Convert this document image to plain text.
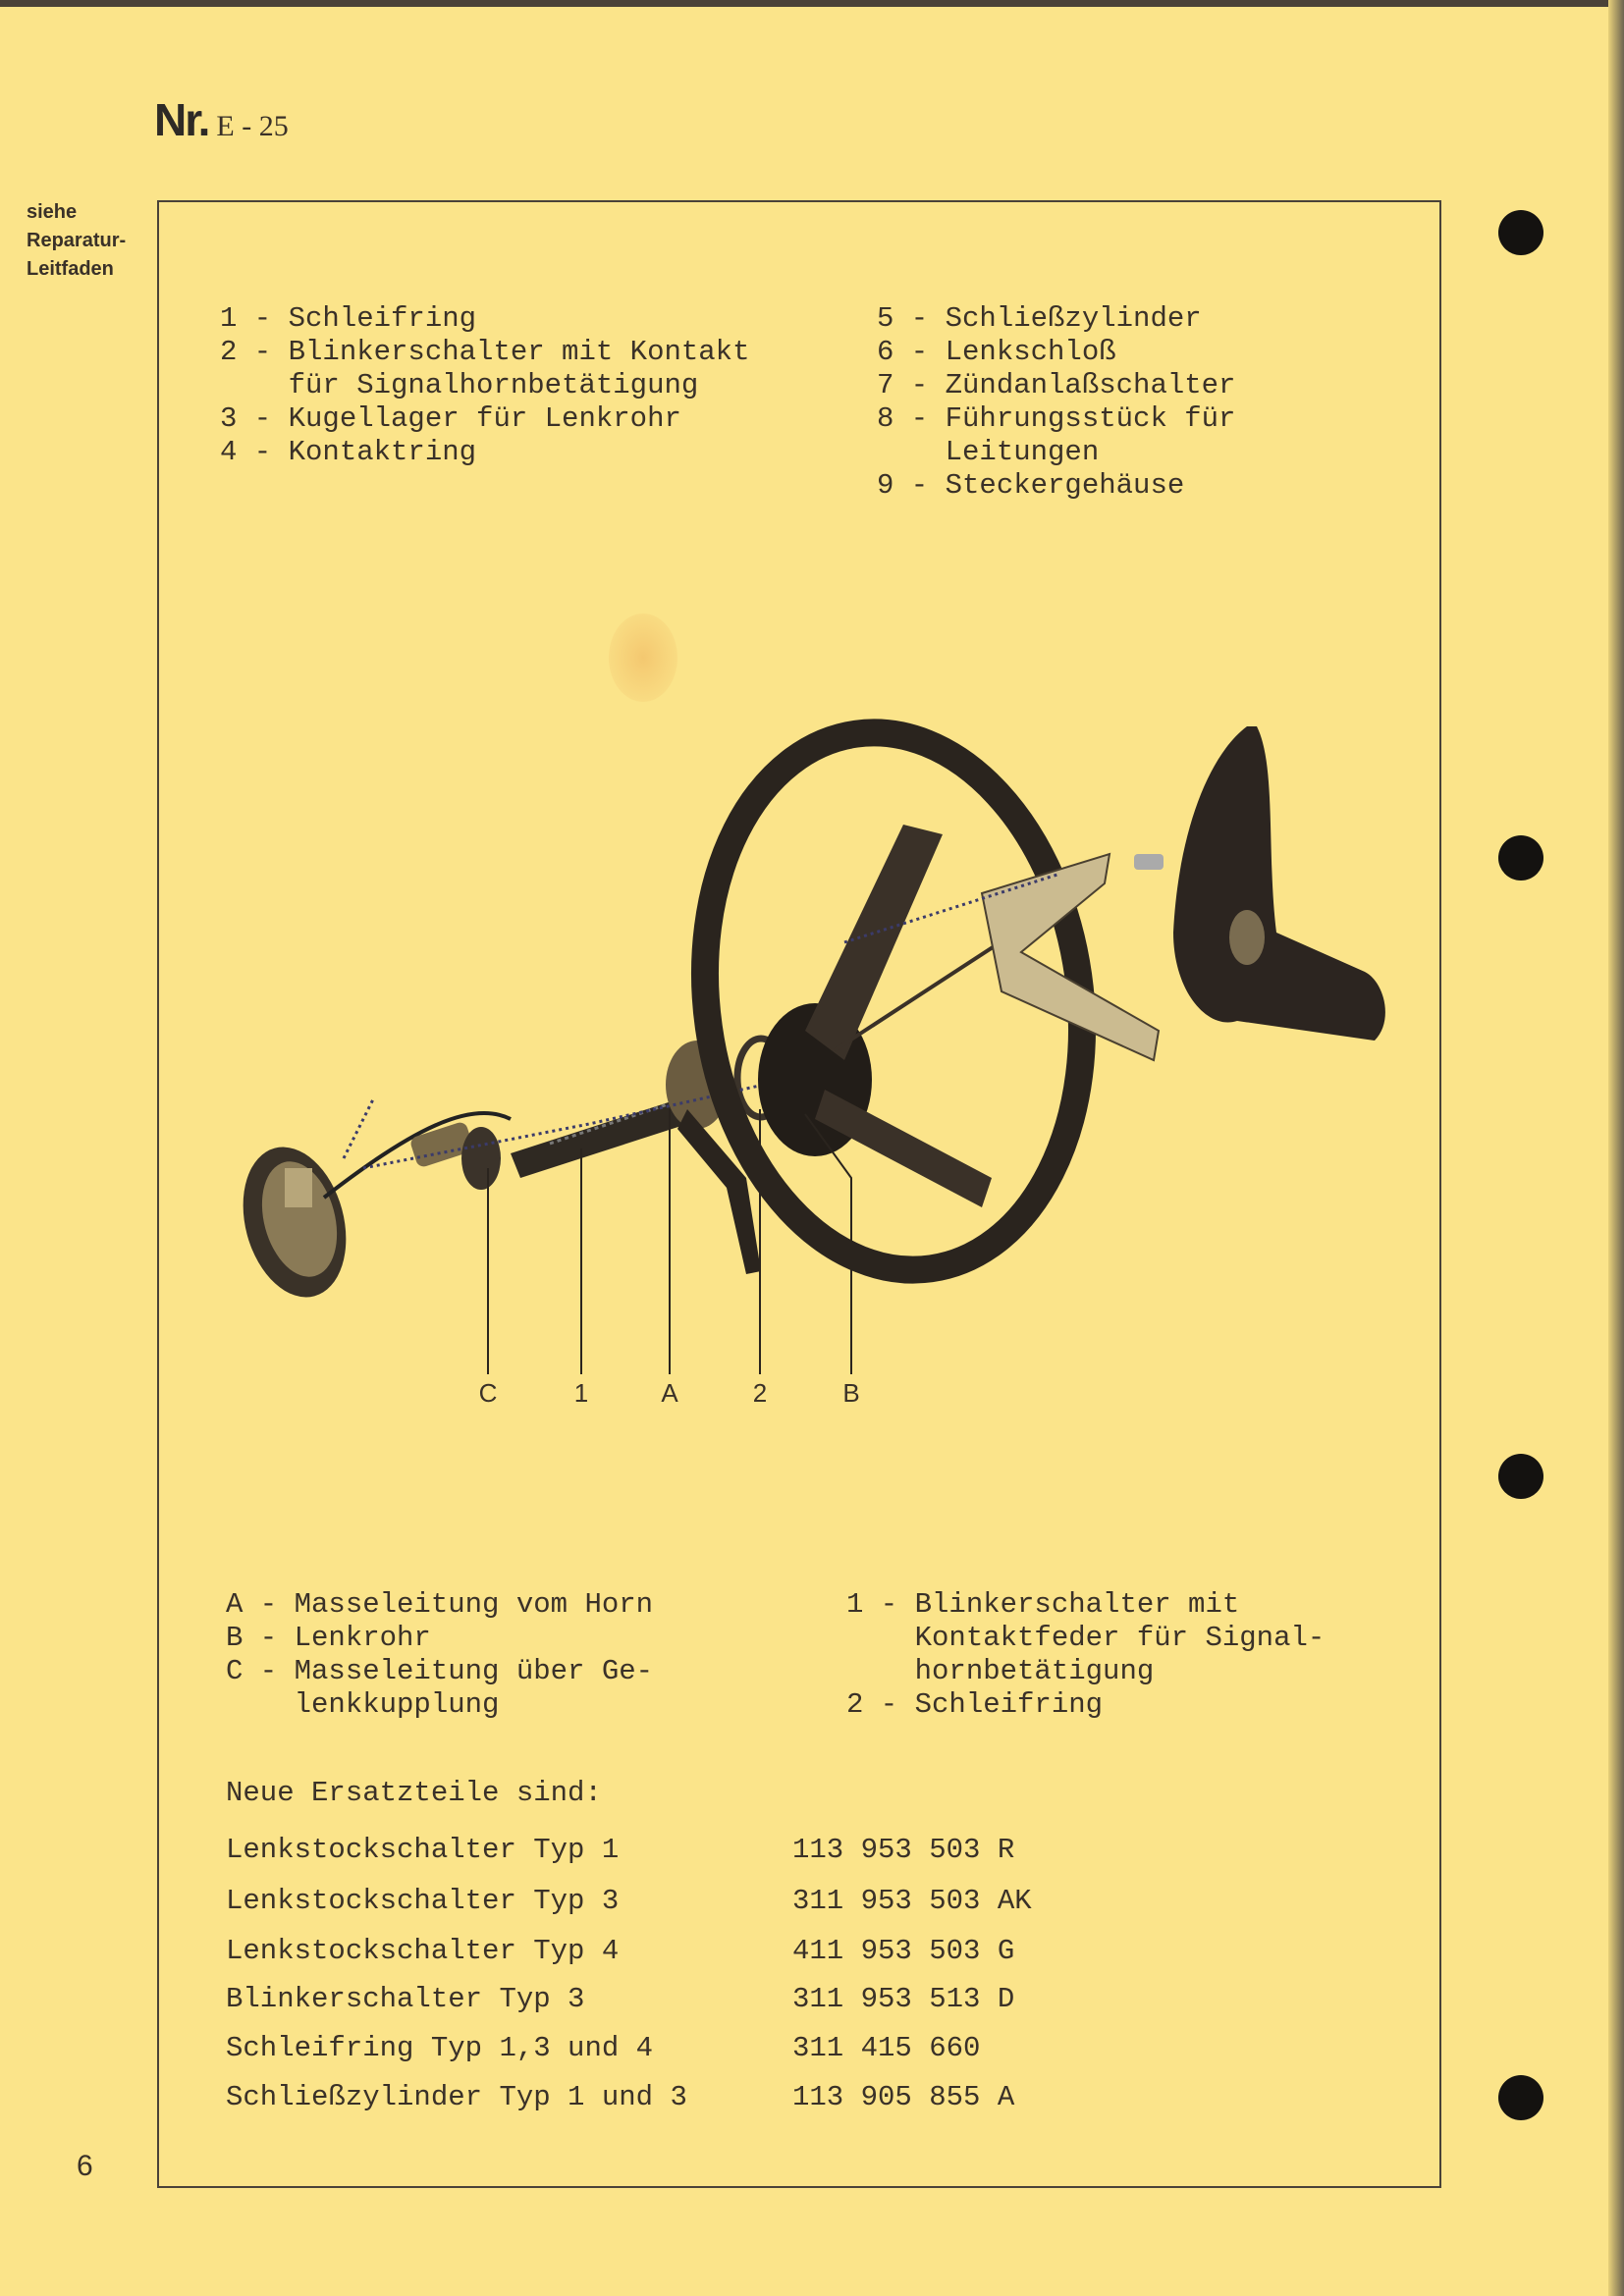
Nr. E - 25
siehe
Reparatur-
Leitfaden
1 - Schleifring
2 - Blinkerschalter mit Kontakt
für Signalhornbetätigung
3 - Kugellager für Lenkrohr
4 - Kontaktring
5 - Schließzylinder
6 - Lenkschloß
7 - Zündanlaßschalter
8 - Führungsstück für
Leitungen
9 - Steckergehäuse
C	1	A	2	B
A - Masseleitung vom Horn
B - Lenkrohr
C - Masseleitung über Ge-
lenkkupplung
1 - Blinkerschalter mit
Kontaktfeder für Signal-
hornbetätigung
2 - Schleifring
Neue Ersatzteile sind:
Lenkstockschalter Typ 1	113 953 503 R
Lenkstockschalter Typ 3	311 953 503 AK
Lenkstockschalter Typ 4	411 953 503 G
Blinkerschalter Typ 3	311 953 513 D
Schleifring Typ 1,3 und 4	311 415 660
Schließzylinder Typ 1 und 3	113 905 855 A
6
